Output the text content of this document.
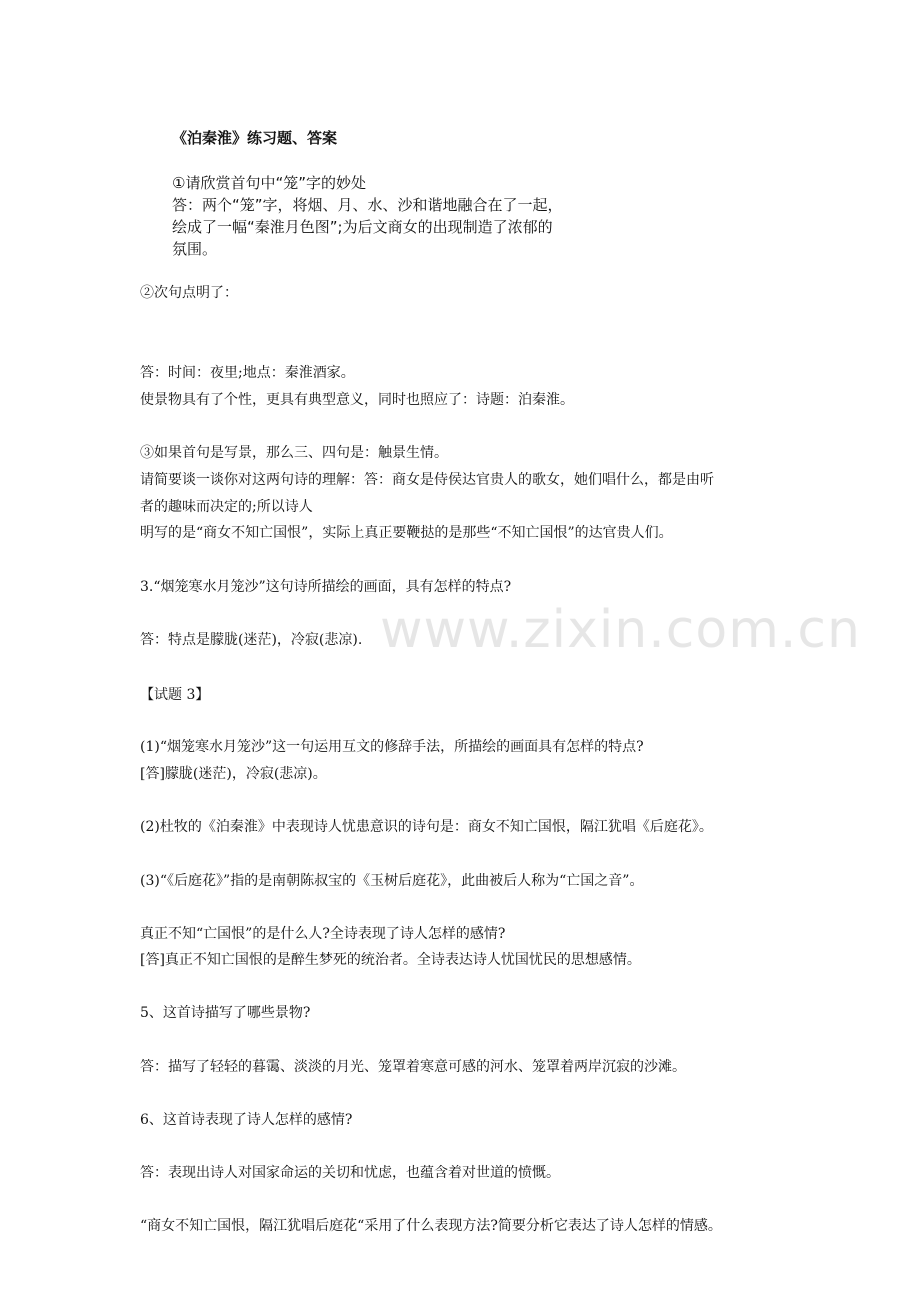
www.zixin.com.cn
《泊秦淮》练习题、答案
①请欣赏首句中“笼”字的妙处
答：两个“笼”字，将烟、月、水、沙和谐地融合在了一起，
绘成了一幅“秦淮月色图”;为后文商女的出现制造了浓郁的
氛围。
②次句点明了：
答：时间：夜里;地点：秦淮酒家。
使景物具有了个性，更具有典型意义，同时也照应了：诗题：泊秦淮。
③如果首句是写景，那么三、四句是：触景生情。
请简要谈一谈你对这两句诗的理解：答：商女是侍侯达官贵人的歌女，她们唱什么，都是由听
者的趣味而决定的;所以诗人
明写的是“商女不知亡国恨”，实际上真正要鞭挞的是那些“不知亡国恨”的达官贵人们。
3.“烟笼寒水月笼沙”这句诗所描绘的画面，具有怎样的特点?
答：特点是朦胧(迷茫)，冷寂(悲凉).
【试题 3】
(1)“烟笼寒水月笼沙”这一句运用互文的修辞手法，所描绘的画面具有怎样的特点?
[答]朦胧(迷茫)，冷寂(悲凉)。
(2)杜牧的《泊秦淮》中表现诗人忧患意识的诗句是：商女不知亡国恨，隔江犹唱《后庭花》。
(3)“《后庭花》”指的是南朝陈叔宝的《玉树后庭花》，此曲被后人称为“亡国之音”。
真正不知“亡国恨”的是什么人?全诗表现了诗人怎样的感情?
[答]真正不知亡国恨的是醉生梦死的统治者。全诗表达诗人忧国忧民的思想感情。
5、这首诗描写了哪些景物?
答：描写了轻轻的暮霭、淡淡的月光、笼罩着寒意可感的河水、笼罩着两岸沉寂的沙滩。
6、这首诗表现了诗人怎样的感情?
答：表现出诗人对国家命运的关切和忧虑，也蕴含着对世道的愤慨。
“商女不知亡国恨，隔江犹唱后庭花“采用了什么表现方法?简要分析它表达了诗人怎样的情感。
